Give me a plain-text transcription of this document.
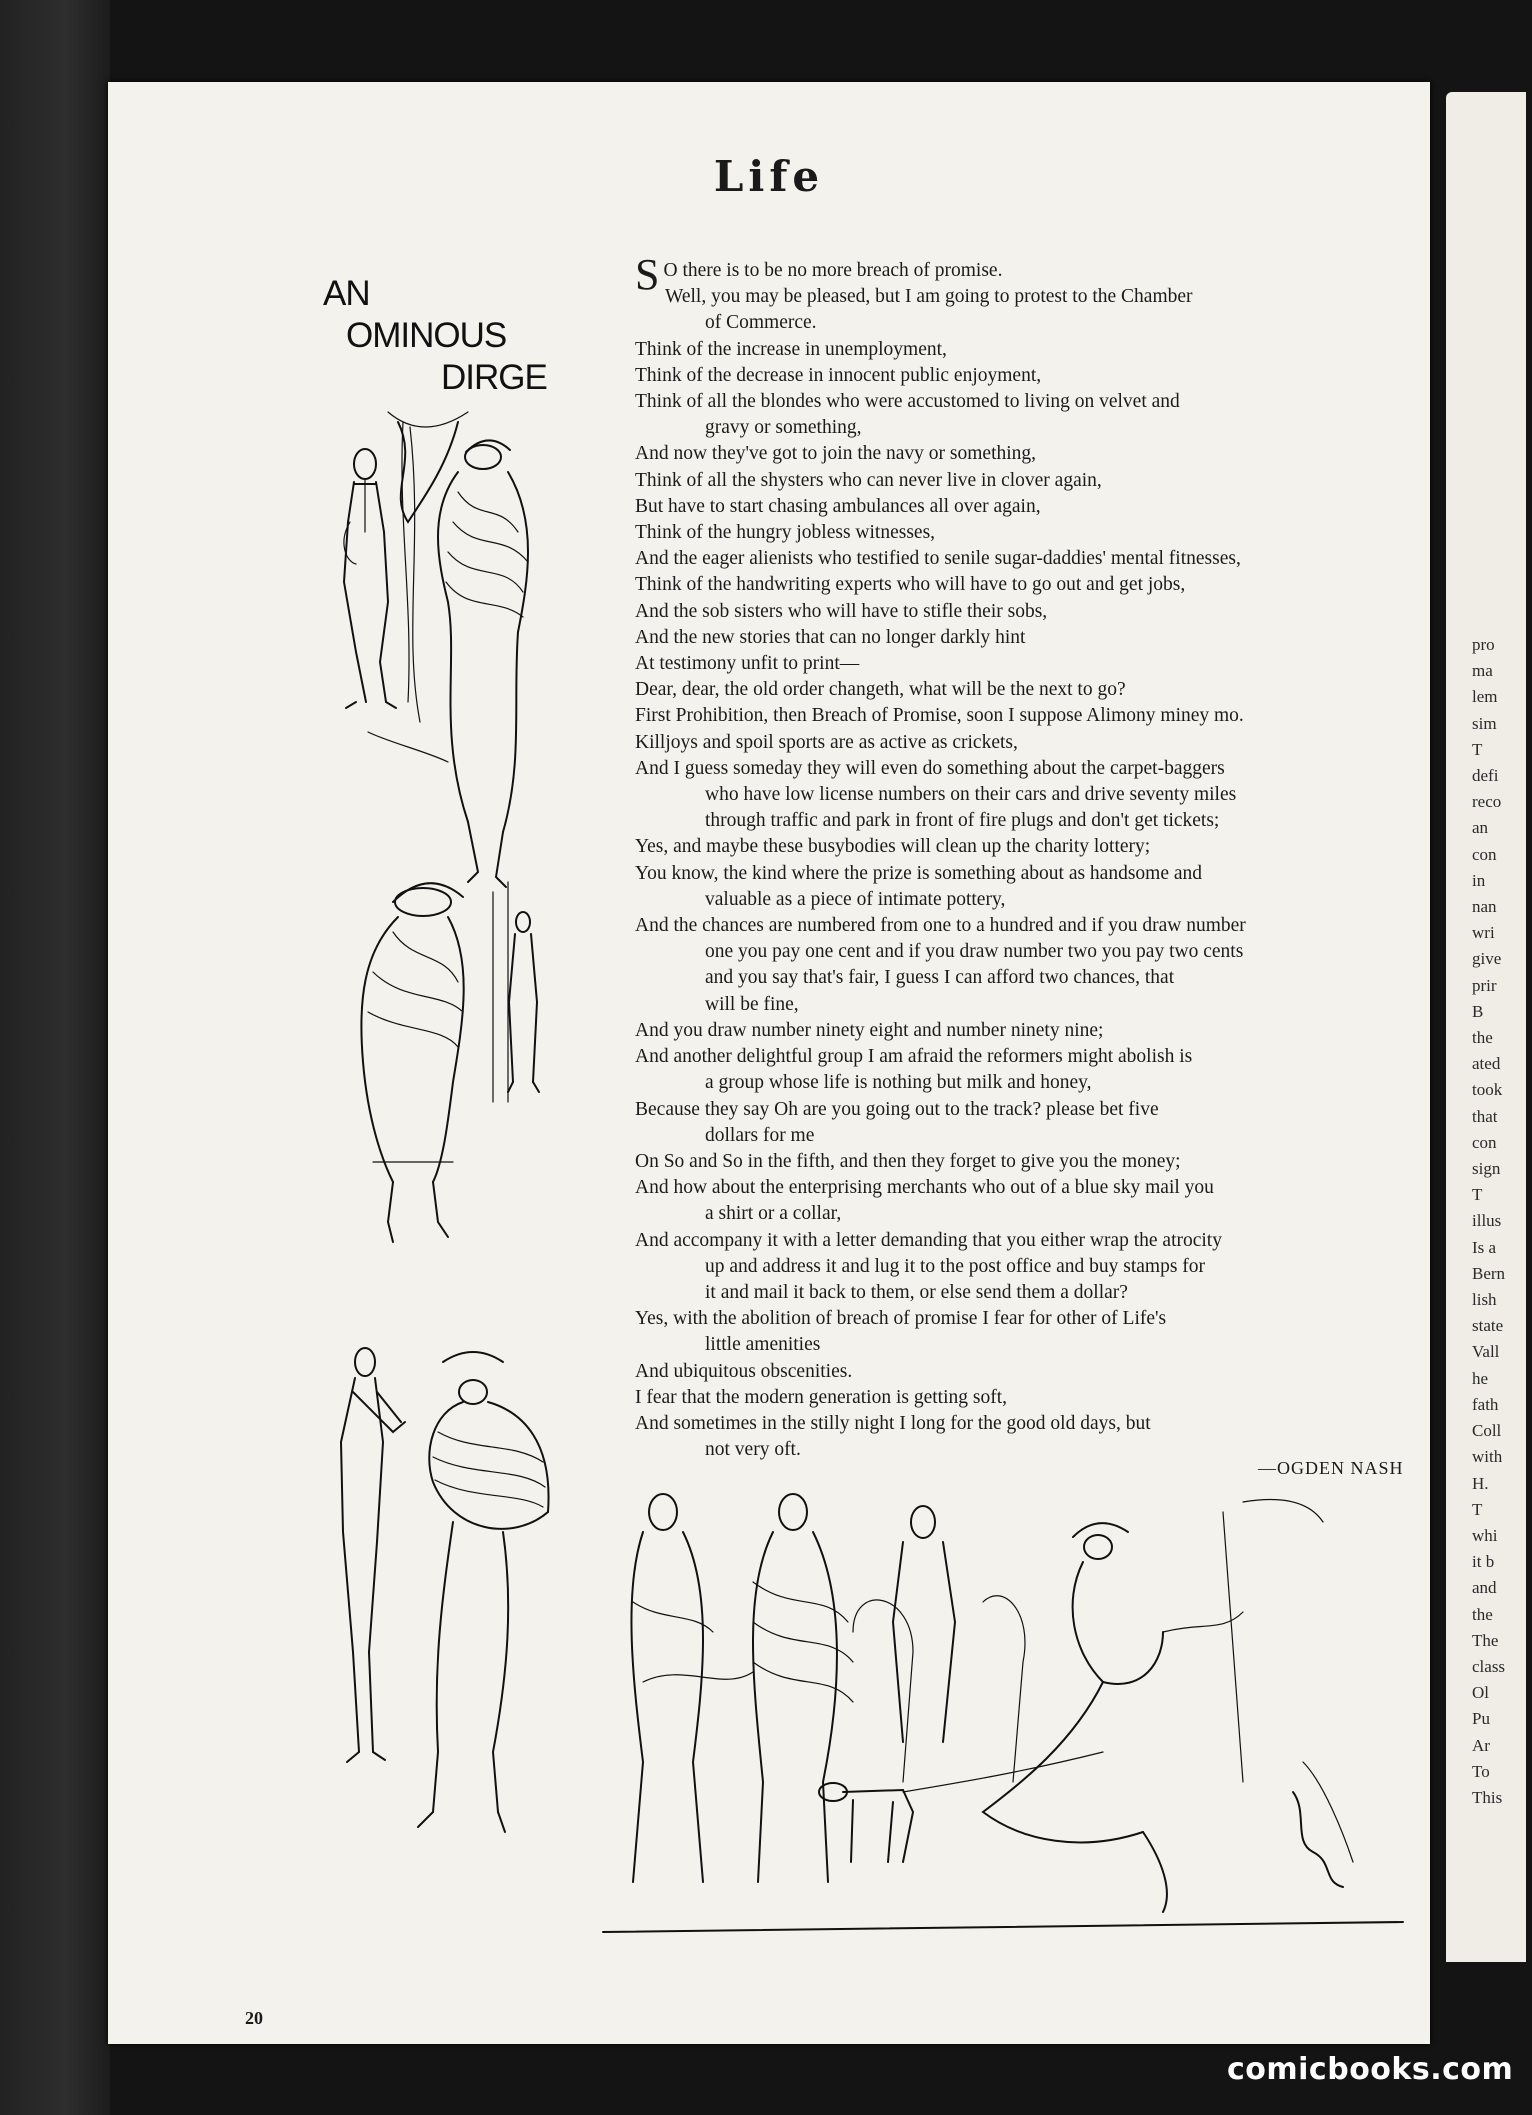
pro
ma
lem
sim
T
defi
reco
an
con
in
nan
wri
give
prir
B
the
ated
took
that
con
sign
T
illus
Is a
Bern
lish
state
Vall
he
fath
Coll
with
H.
T
whi
it b
and
the
The
class
Ol
Pu
Ar
To
This
Life
AN
OMINOUS
DIRGE
S O there is to be no more breach of promise.
Well, you may be pleased, but I am going to protest to the Chamber
of Commerce.
Think of the increase in unemployment,
Think of the decrease in innocent public enjoyment,
Think of all the blondes who were accustomed to living on velvet and
gravy or something,
And now they've got to join the navy or something,
Think of all the shysters who can never live in clover again,
But have to start chasing ambulances all over again,
Think of the hungry jobless witnesses,
And the eager alienists who testified to senile sugar-daddies' mental fitnesses,
Think of the handwriting experts who will have to go out and get jobs,
And the sob sisters who will have to stifle their sobs,
And the new stories that can no longer darkly hint
At testimony unfit to print—
Dear, dear, the old order changeth, what will be the next to go?
First Prohibition, then Breach of Promise, soon I suppose Alimony miney mo.
Killjoys and spoil sports are as active as crickets,
And I guess someday they will even do something about the carpet-baggers
who have low license numbers on their cars and drive seventy miles
through traffic and park in front of fire plugs and don't get tickets;
Yes, and maybe these busybodies will clean up the charity lottery;
You know, the kind where the prize is something about as handsome and
valuable as a piece of intimate pottery,
And the chances are numbered from one to a hundred and if you draw number
one you pay one cent and if you draw number two you pay two cents
and you say that's fair, I guess I can afford two chances, that
will be fine,
And you draw number ninety eight and number ninety nine;
And another delightful group I am afraid the reformers might abolish is
a group whose life is nothing but milk and honey,
Because they say Oh are you going out to the track? please bet five
dollars for me
On So and So in the fifth, and then they forget to give you the money;
And how about the enterprising merchants who out of a blue sky mail you
a shirt or a collar,
And accompany it with a letter demanding that you either wrap the atrocity
up and address it and lug it to the post office and buy stamps for
it and mail it back to them, or else send them a dollar?
Yes, with the abolition of breach of promise I fear for other of Life's
little amenities
And ubiquitous obscenities.
I fear that the modern generation is getting soft,
And sometimes in the stilly night I long for the good old days, but
not very oft.
—OGDEN NASH
20
comicbooks.com
